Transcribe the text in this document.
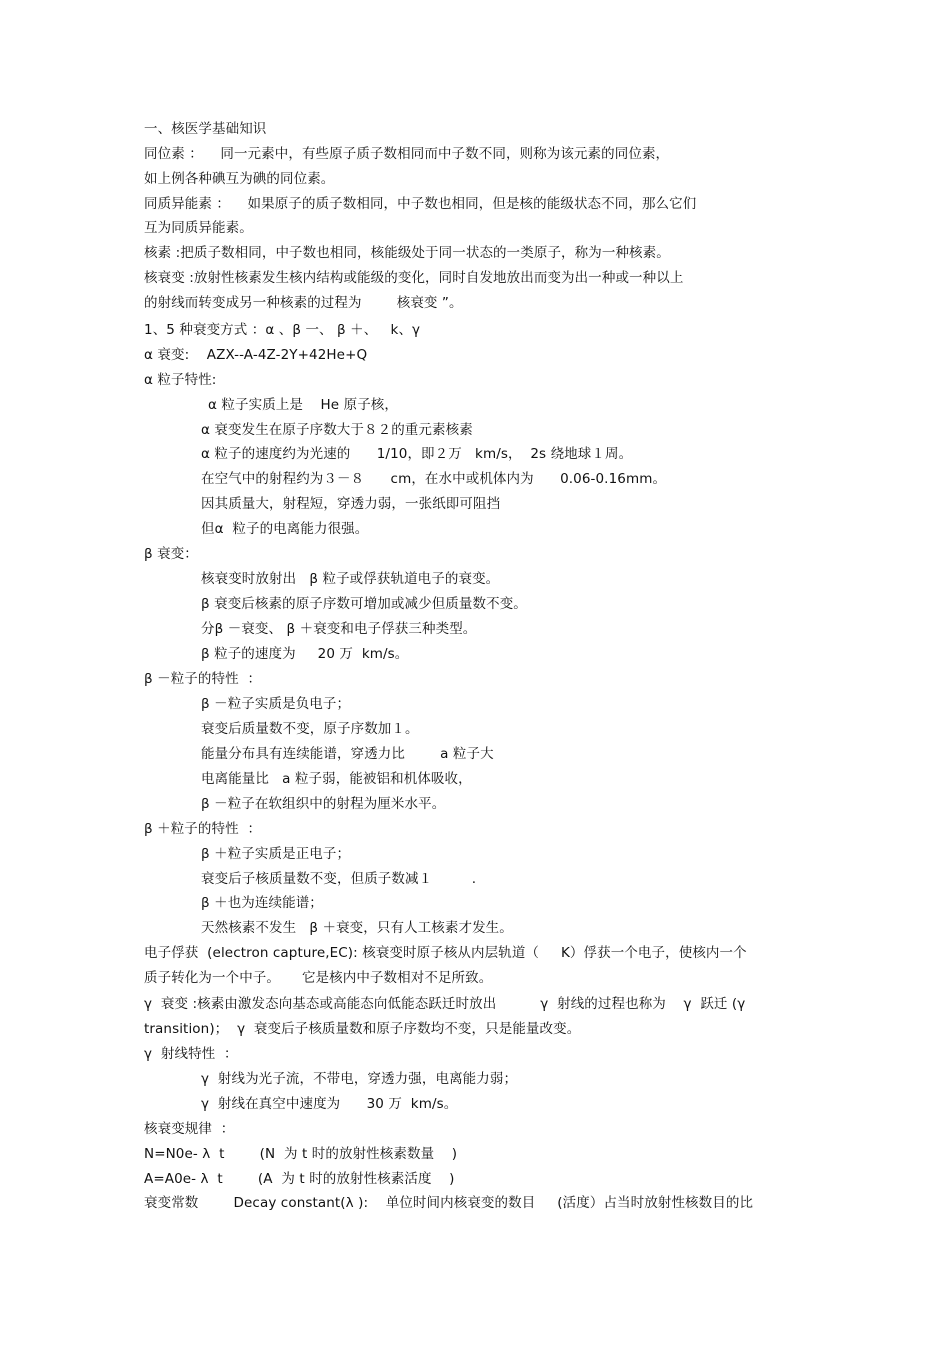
一、核医学基础知识
同位素 ：    同一元素中，有些原子质子数相同而中子数不同，则称为该元素的同位素，
如上例各种碘互为碘的同位素。
同质异能素 ：    如果原子的质子数相同，中子数也相同，但是核的能级状态不同，那么它们
互为同质异能素。
核素 :把质子数相同，中子数也相同，核能级处于同一状态的一类原子，称为一种核素。
核衰变 :放射性核素发生核内结构或能级的变化，同时自发地放出而变为出一种或一种以上
的射线而转变成另一种核素的过程为        核衰变 ”。
1、5 种衰变方式 ：α 、β 一、 β ＋、   k、γ
α 衰变:    AZX--A-4Z-2Y+42He+Q
α 粒子特性:
α 粒子实质上是    He 原子核，
α 衰变发生在原子序数大于８２的重元素核素
α 粒子的速度约为光速的      1/10，即２万   km/s，  2s 绕地球１周。
在空气中的射程约为３－８      cm，在水中或机体内为      0.06-0.16mm。
因其质量大，射程短，穿透力弱，一张纸即可阻挡
但α  粒子的电离能力很强。
β 衰变：
核衰变时放射出   β 粒子或俘获轨道电子的衰变。
β 衰变后核素的原子序数可增加或减少但质量数不变。
分β －衰变、 β ＋衰变和电子俘获三种类型。
β 粒子的速度为     20 万  km/s。
β －粒子的特性  ：
β －粒子实质是负电子；
衰变后质量数不变，原子序数加１。
能量分布具有连续能谱，穿透力比        a 粒子大
电离能量比   a 粒子弱，能被铝和机体吸收，
β －粒子在软组织中的射程为厘米水平。
β ＋粒子的特性  ：
β ＋粒子实质是正电子；
衰变后子核质量数不变，但质子数减１         .
β ＋也为连续能谱；
天然核素不发生   β ＋衰变，只有人工核素才发生。
电子俘获  (electron capture,EC): 核衰变时原子核从内层轨道（     K）俘获一个电子，使核内一个
质子转化为一个中子。     它是核内中子数相对不足所致。
γ  衰变 :核素由激发态向基态或高能态向低能态跃迁时放出          γ  射线的过程也称为    γ  跃迁 (γ
transition)；  γ  衰变后子核质量数和原子序数均不变，只是能量改变。
γ  射线特性  ：
γ  射线为光子流，不带电，穿透力强，电离能力弱；
γ  射线在真空中速度为      30 万  km/s。
核衰变规律  ：
N=N0e- λ  t        (N  为 t 时的放射性核素数量    )
A=A0e- λ  t        (A  为 t 时的放射性核素活度    )
衰变常数        Decay constant(λ ):    单位时间内核衰变的数目     (活度）占当时放射性核数目的比
